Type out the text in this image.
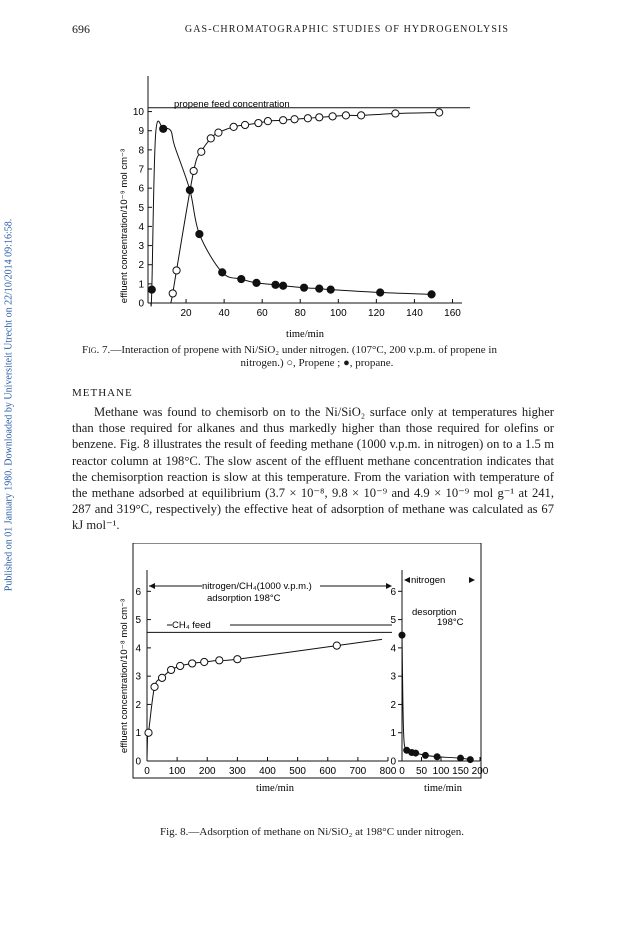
Published on 01 January 1980. Downloaded by Universiteit Utrecht on 22/10/2014 09:16:58.
696	GAS-CHROMATOGRAPHIC STUDIES OF HYDROGENOLYSIS
0
1
2
3
4
5
6
7
8
9
10
20	40	60	80 100 120 140 160
propene feed concentration
time/min
effluent concentration/10⁻⁹ mol cm⁻³
Fig. 7.—Interaction of propene with Ni/SiO₂ under nitrogen. (107°C, 200 v.p.m. of propene in
nitrogen.) ○, Propene ; ●, propane.
METHANE
Methane was found to chemisorb on to the Ni/SiO₂ surface only at temperatures higher than those required for alkanes and thus markedly higher than those required for olefins or benzene. Fig. 8 illustrates the result of feeding methane (1000 v.p.m. in nitrogen) on to a 1.5 m reactor column at 198°C. The slow ascent of the effluent methane concentration indicates that the chemisorption reaction is slow at this temperature. From the variation with temperature of the methane adsorbed at equilibrium (3.7 × 10⁻⁸, 9.8 × 10⁻⁹ and 4.9 × 10⁻⁹ mol g⁻¹ at 241, 287 and 319°C, respectively) the effective heat of adsorption of methane was calculated as 67 kJ mol⁻¹.
0	0
1	1
2	2
3	3
4	4
5	5
6	6
0 100 200 300 400 500 600 700 800 0 50 100 150 200
nitrogen/CH₄(1000 v.p.m.)
adsorption 198°C
CH₄ feed
nitrogen
desorption
198°C
time/min	time/min
effluent concentration/10⁻⁸ mol cm⁻³
Fig. 8.—Adsorption of methane on Ni/SiO₂ at 198°C under nitrogen.
